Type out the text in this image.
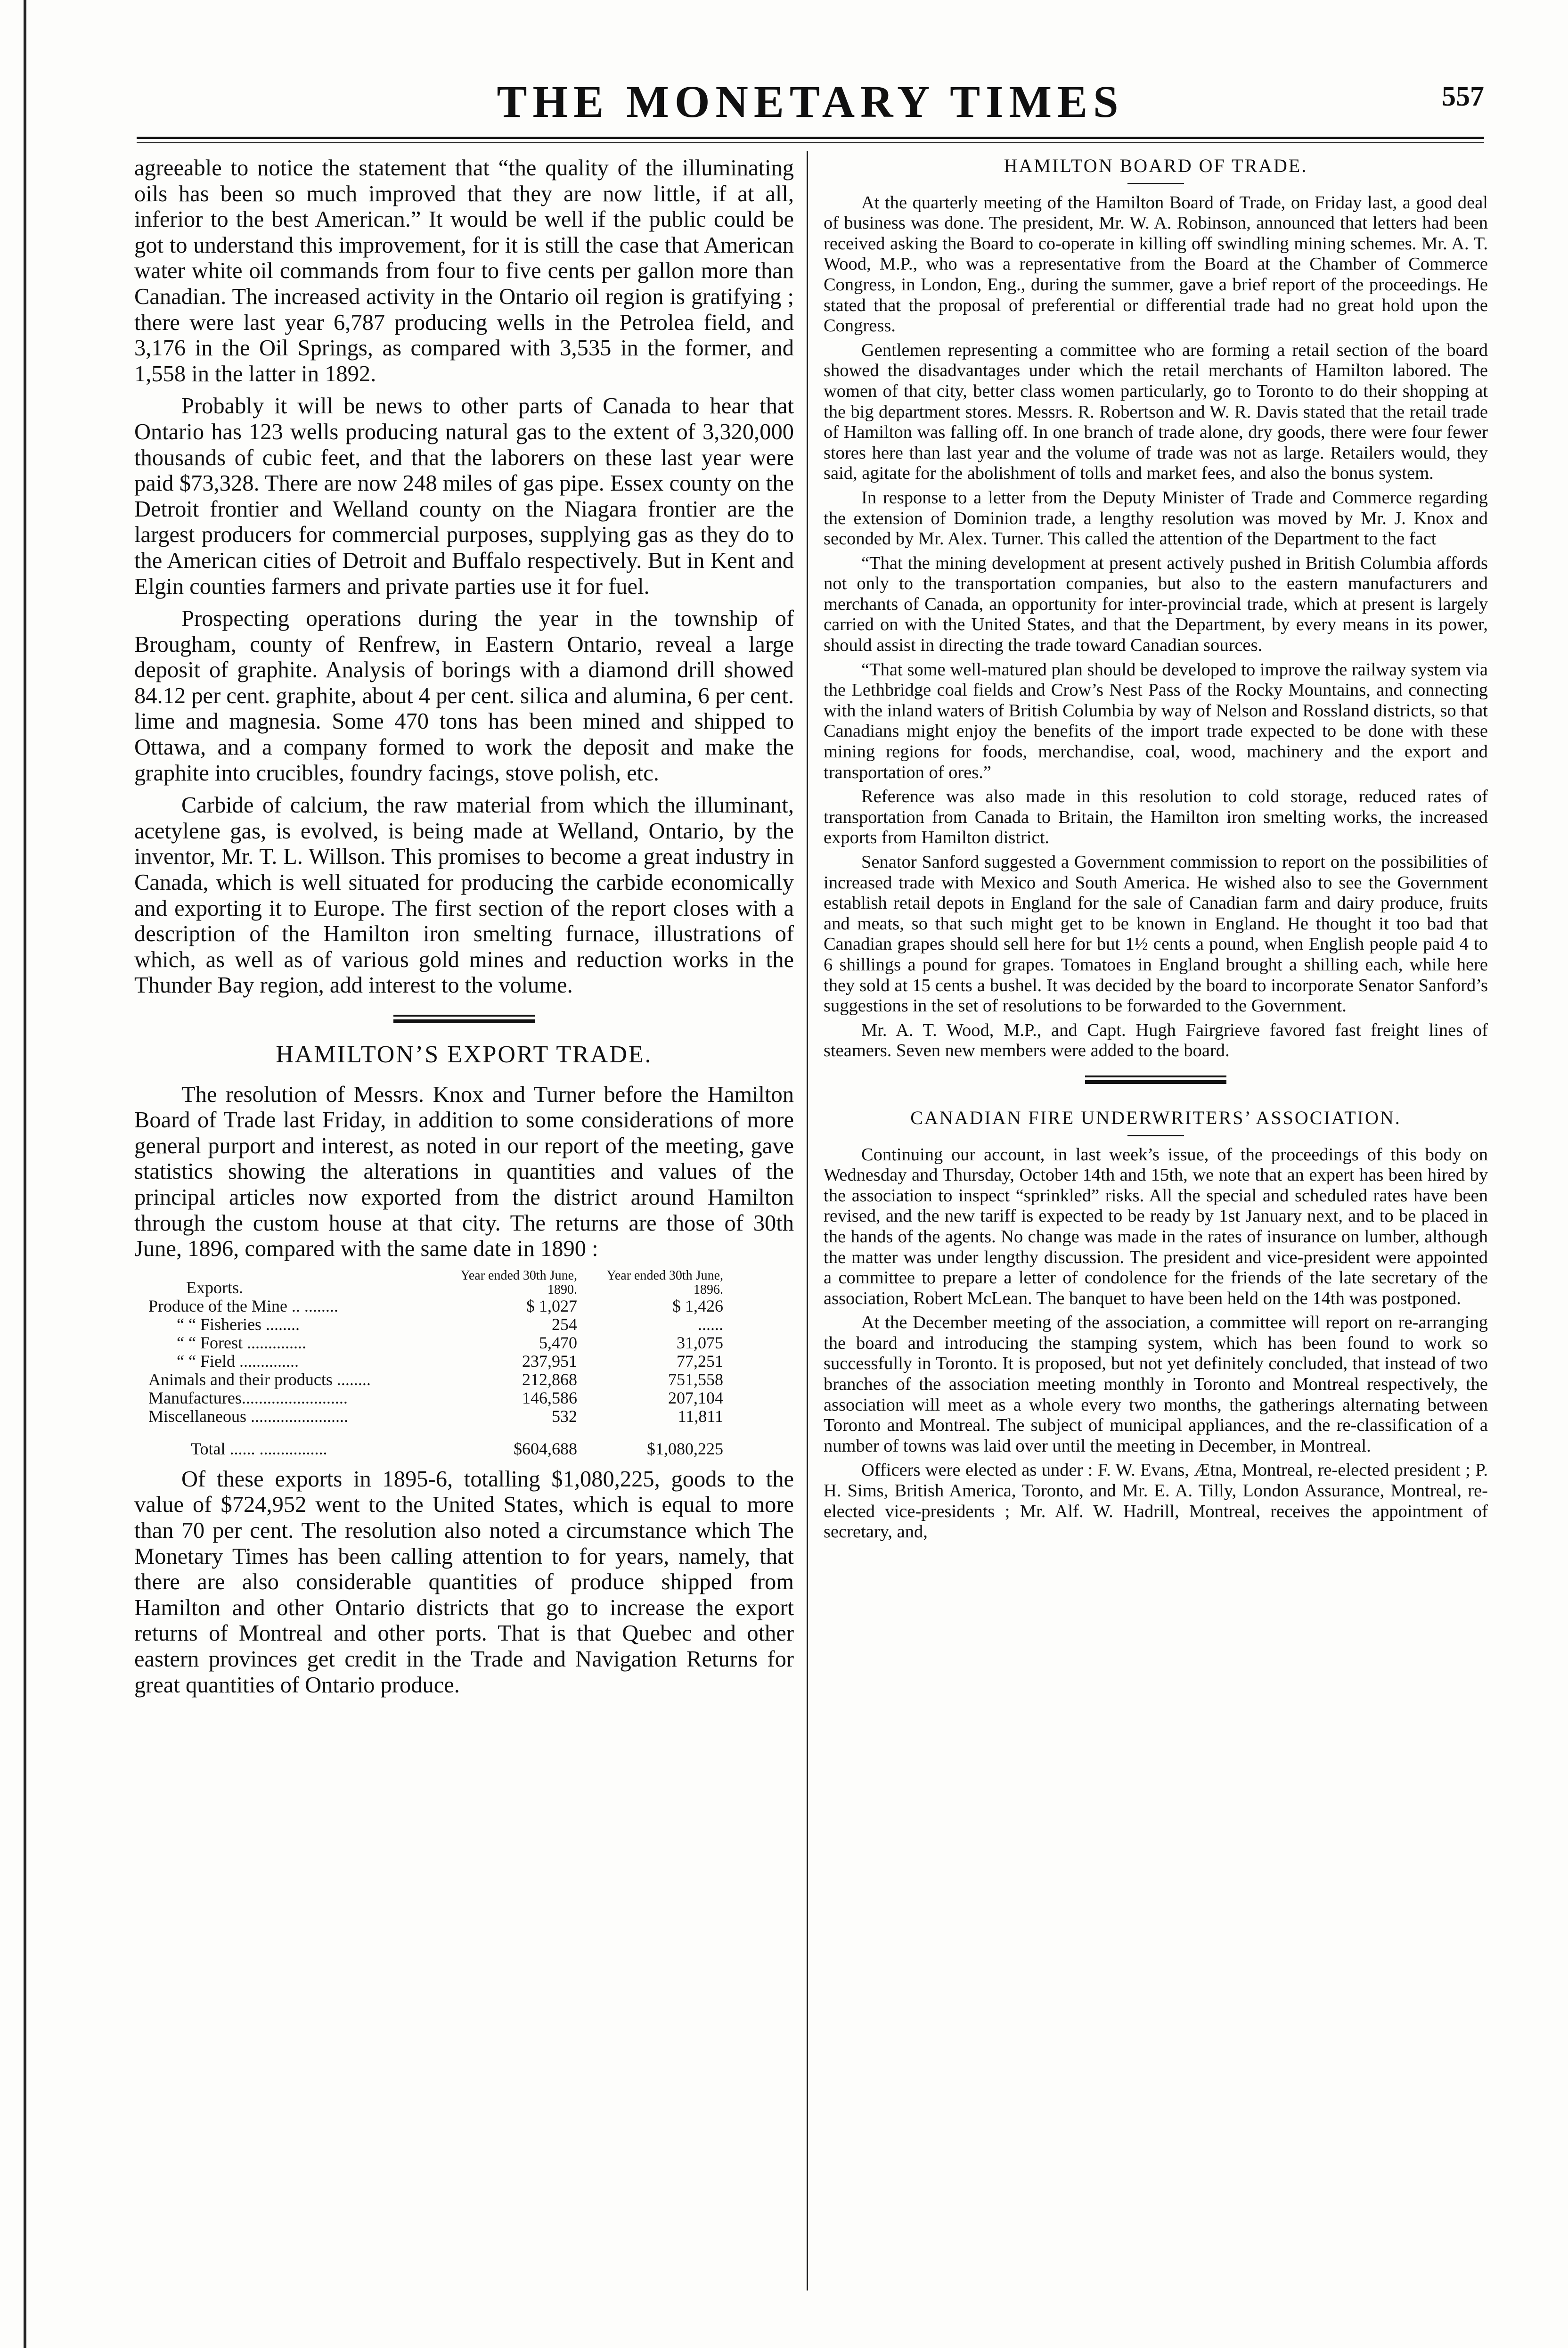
THE MONETARY TIMES	557

agreeable to notice the statement that “the quality of the illuminating oils has been so much improved that they are now little, if at all, inferior to the best American.” It would be well if the public could be got to understand this improvement, for it is still the case that American water white oil commands from four to five cents per gallon more than Canadian. The increased activity in the Ontario oil region is gratifying ; there were last year 6,787 producing wells in the Petrolea field, and 3,176 in the Oil Springs, as compared with 3,535 in the former, and 1,558 in the latter in 1892.

Probably it will be news to other parts of Canada to hear that Ontario has 123 wells producing natural gas to the extent of 3,320,000 thousands of cubic feet, and that the laborers on these last year were paid $73,328. There are now 248 miles of gas pipe. Essex county on the Detroit frontier and Welland county on the Niagara frontier are the largest producers for commercial purposes, supplying gas as they do to the American cities of Detroit and Buffalo respectively. But in Kent and Elgin counties farmers and private parties use it for fuel.

Prospecting operations during the year in the township of Brougham, county of Renfrew, in Eastern Ontario, reveal a large deposit of graphite. Analysis of borings with a diamond drill showed 84.12 per cent. graphite, about 4 per cent. silica and alumina, 6 per cent. lime and magnesia. Some 470 tons has been mined and shipped to Ottawa, and a company formed to work the deposit and make the graphite into crucibles, foundry facings, stove polish, etc.

Carbide of calcium, the raw material from which the illuminant, acetylene gas, is evolved, is being made at Welland, Ontario, by the inventor, Mr. T. L. Willson. This promises to become a great industry in Canada, which is well situated for producing the carbide economically and exporting it to Europe. The first section of the report closes with a description of the Hamilton iron smelting furnace, illustrations of which, as well as of various gold mines and reduction works in the Thunder Bay region, add interest to the volume.

HAMILTON’S EXPORT TRADE.

The resolution of Messrs. Knox and Turner before the Hamilton Board of Trade last Friday, in addition to some considerations of more general purport and interest, as noted in our report of the meeting, gave statistics showing the alterations in quantities and values of the principal articles now exported from the district around Hamilton through the custom house at that city. The returns are those of 30th June, 1896, compared with the same date in 1890 :

Exports.	Year ended 30th June, 1890.	Year ended 30th June, 1896.
Produce of the Mine .. ........	$ 1,027	$ 1,426
“ “ Fisheries ........	254	......
“ “ Forest ..............	5,470	31,075
“ “ Field ..............	237,951	77,251
Animals and their products ........	212,868	751,558
Manufactures.........................	146,586	207,104
Miscellaneous .......................	532	11,811
Total ...... ................	$604,688	$1,080,225

Of these exports in 1895-6, totalling $1,080,225, goods to the value of $724,952 went to the United States, which is equal to more than 70 per cent. The resolution also noted a circumstance which The Monetary Times has been calling attention to for years, namely, that there are also considerable quantities of produce shipped from Hamilton and other Ontario districts that go to increase the export returns of Montreal and other ports. That is that Quebec and other eastern provinces get credit in the Trade and Navigation Returns for great quantities of Ontario produce.

HAMILTON BOARD OF TRADE.

At the quarterly meeting of the Hamilton Board of Trade, on Friday last, a good deal of business was done. The president, Mr. W. A. Robinson, announced that letters had been received asking the Board to co-operate in killing off swindling mining schemes. Mr. A. T. Wood, M.P., who was a representative from the Board at the Chamber of Commerce Congress, in London, Eng., during the summer, gave a brief report of the proceedings. He stated that the proposal of preferential or differential trade had no great hold upon the Congress.

Gentlemen representing a committee who are forming a retail section of the board showed the disadvantages under which the retail merchants of Hamilton labored. The women of that city, better class women particularly, go to Toronto to do their shopping at the big department stores. Messrs. R. Robertson and W. R. Davis stated that the retail trade of Hamilton was falling off. In one branch of trade alone, dry goods, there were four fewer stores here than last year and the volume of trade was not as large. Retailers would, they said, agitate for the abolishment of tolls and market fees, and also the bonus system.

In response to a letter from the Deputy Minister of Trade and Commerce regarding the extension of Dominion trade, a lengthy resolution was moved by Mr. J. Knox and seconded by Mr. Alex. Turner. This called the attention of the Department to the fact

“That the mining development at present actively pushed in British Columbia affords not only to the transportation companies, but also to the eastern manufacturers and merchants of Canada, an opportunity for inter-provincial trade, which at present is largely carried on with the United States, and that the Department, by every means in its power, should assist in directing the trade toward Canadian sources.

“That some well-matured plan should be developed to improve the railway system via the Lethbridge coal fields and Crow’s Nest Pass of the Rocky Mountains, and connecting with the inland waters of British Columbia by way of Nelson and Rossland districts, so that Canadians might enjoy the benefits of the import trade expected to be done with these mining regions for foods, merchandise, coal, wood, machinery and the export and transportation of ores.”

Reference was also made in this resolution to cold storage, reduced rates of transportation from Canada to Britain, the Hamilton iron smelting works, the increased exports from Hamilton district.

Senator Sanford suggested a Government commission to report on the possibilities of increased trade with Mexico and South America. He wished also to see the Government establish retail depots in England for the sale of Canadian farm and dairy produce, fruits and meats, so that such might get to be known in England. He thought it too bad that Canadian grapes should sell here for but 1½ cents a pound, when English people paid 4 to 6 shillings a pound for grapes. Tomatoes in England brought a shilling each, while here they sold at 15 cents a bushel. It was decided by the board to incorporate Senator Sanford’s suggestions in the set of resolutions to be forwarded to the Government.

Mr. A. T. Wood, M.P., and Capt. Hugh Fairgrieve favored fast freight lines of steamers. Seven new members were added to the board.

CANADIAN FIRE UNDERWRITERS’ ASSOCIATION.

Continuing our account, in last week’s issue, of the proceedings of this body on Wednesday and Thursday, October 14th and 15th, we note that an expert has been hired by the association to inspect “sprinkled” risks. All the special and scheduled rates have been revised, and the new tariff is expected to be ready by 1st January next, and to be placed in the hands of the agents. No change was made in the rates of insurance on lumber, although the matter was under lengthy discussion. The president and vice-president were appointed a committee to prepare a letter of condolence for the friends of the late secretary of the association, Robert McLean. The banquet to have been held on the 14th was postponed.

At the December meeting of the association, a committee will report on re-arranging the board and introducing the stamping system, which has been found to work so successfully in Toronto. It is proposed, but not yet definitely concluded, that instead of two branches of the association meeting monthly in Toronto and Montreal respectively, the association will meet as a whole every two months, the gatherings alternating between Toronto and Montreal. The subject of municipal appliances, and the re-classification of a number of towns was laid over until the meeting in December, in Montreal.

Officers were elected as under : F. W. Evans, Ætna, Montreal, re-elected president ; P. H. Sims, British America, Toronto, and Mr. E. A. Tilly, London Assurance, Montreal, re-elected vice-presidents ; Mr. Alf. W. Hadrill, Montreal, receives the appointment of secretary, and,
